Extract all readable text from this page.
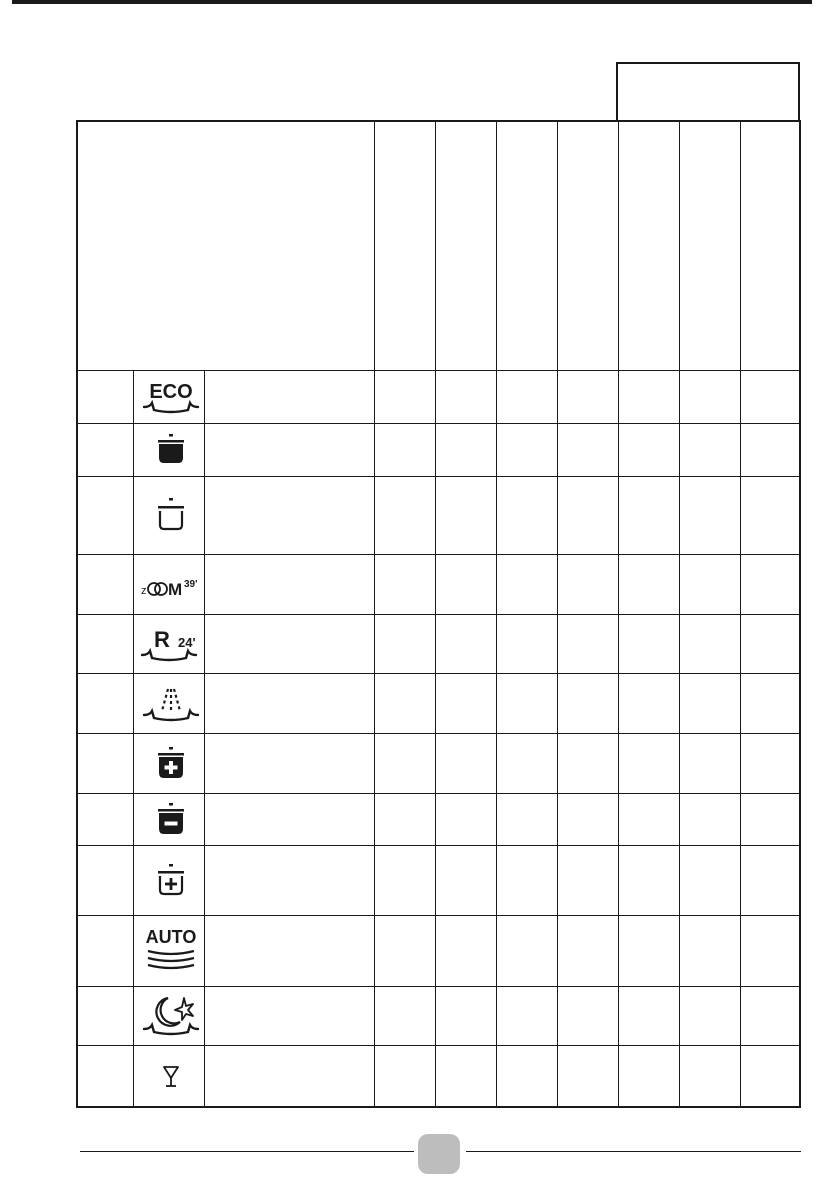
ECO
z M 39'
R 24'
AUTO
